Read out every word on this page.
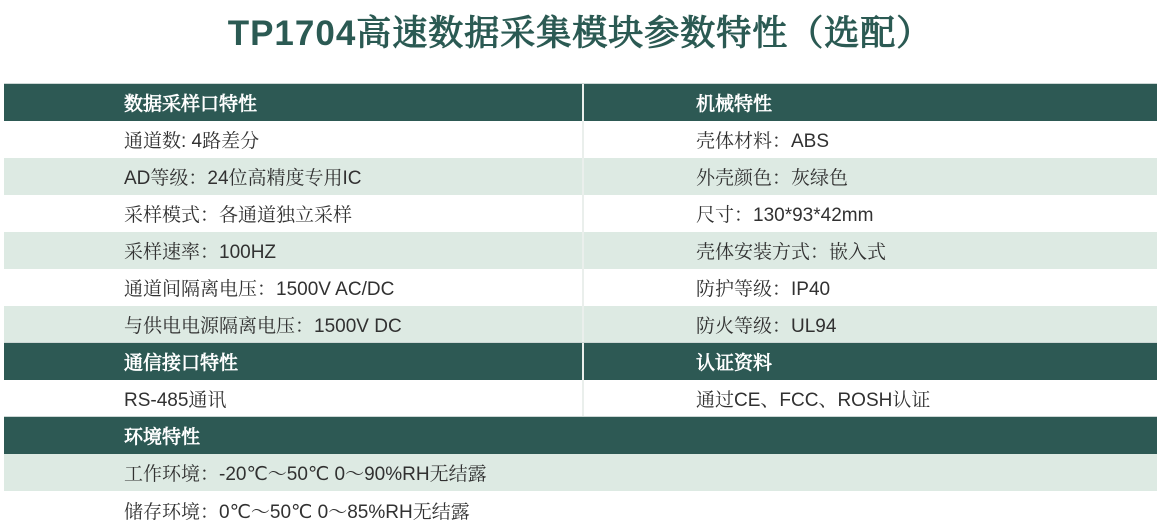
TP1704高速数据采集模块参数特性（选配）
数据采样口特性	机械特性
通道数: 4路差分	壳体材料：ABS
AD等级：24位高精度专用IC	外壳颜色：灰绿色
采样模式：各通道独立采样	尺寸：130*93*42mm
采样速率：100HZ	壳体安装方式：嵌入式
通道间隔离电压：1500V AC/DC	防护等级：IP40
与供电电源隔离电压：1500V DC	防火等级：UL94
通信接口特性	认证资料
RS-485通讯	通过CE、FCC、ROSH认证
环境特性
工作环境：-20℃～50℃ 0～90%RH无结露
储存环境：0℃～50℃ 0～85%RH无结露
